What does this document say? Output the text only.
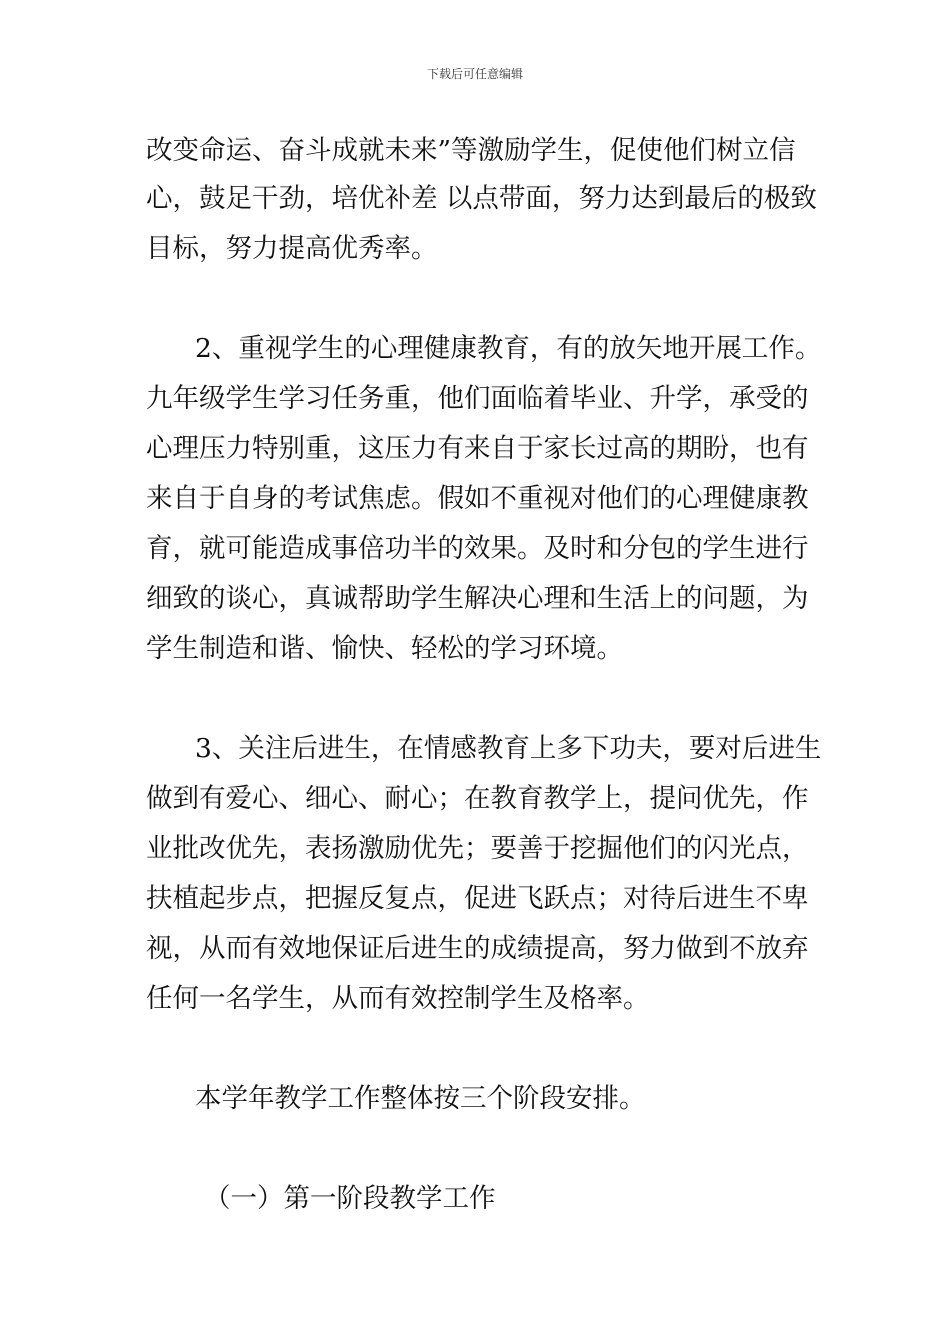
下载后可任意编辑
改变命运、奋斗成就未来”等激励学生，促使他们树立信
心，鼓足干劲，培优补差 以点带面，努力达到最后的极致
目标，努力提高优秀率。
2、重视学生的心理健康教育，有的放矢地开展工作。
九年级学生学习任务重，他们面临着毕业、升学，承受的
心理压力特别重，这压力有来自于家长过高的期盼，也有
来自于自身的考试焦虑。假如不重视对他们的心理健康教
育，就可能造成事倍功半的效果。及时和分包的学生进行
细致的谈心，真诚帮助学生解决心理和生活上的问题，为
学生制造和谐、愉快、轻松的学习环境。
3、关注后进生，在情感教育上多下功夫，要对后进生
做到有爱心、细心、耐心；在教育教学上，提问优先，作
业批改优先，表扬激励优先；要善于挖掘他们的闪光点，
扶植起步点，把握反复点，促进飞跃点；对待后进生不卑
视，从而有效地保证后进生的成绩提高，努力做到不放弃
任何一名学生，从而有效控制学生及格率。
本学年教学工作整体按三个阶段安排。
（一）第一阶段教学工作
